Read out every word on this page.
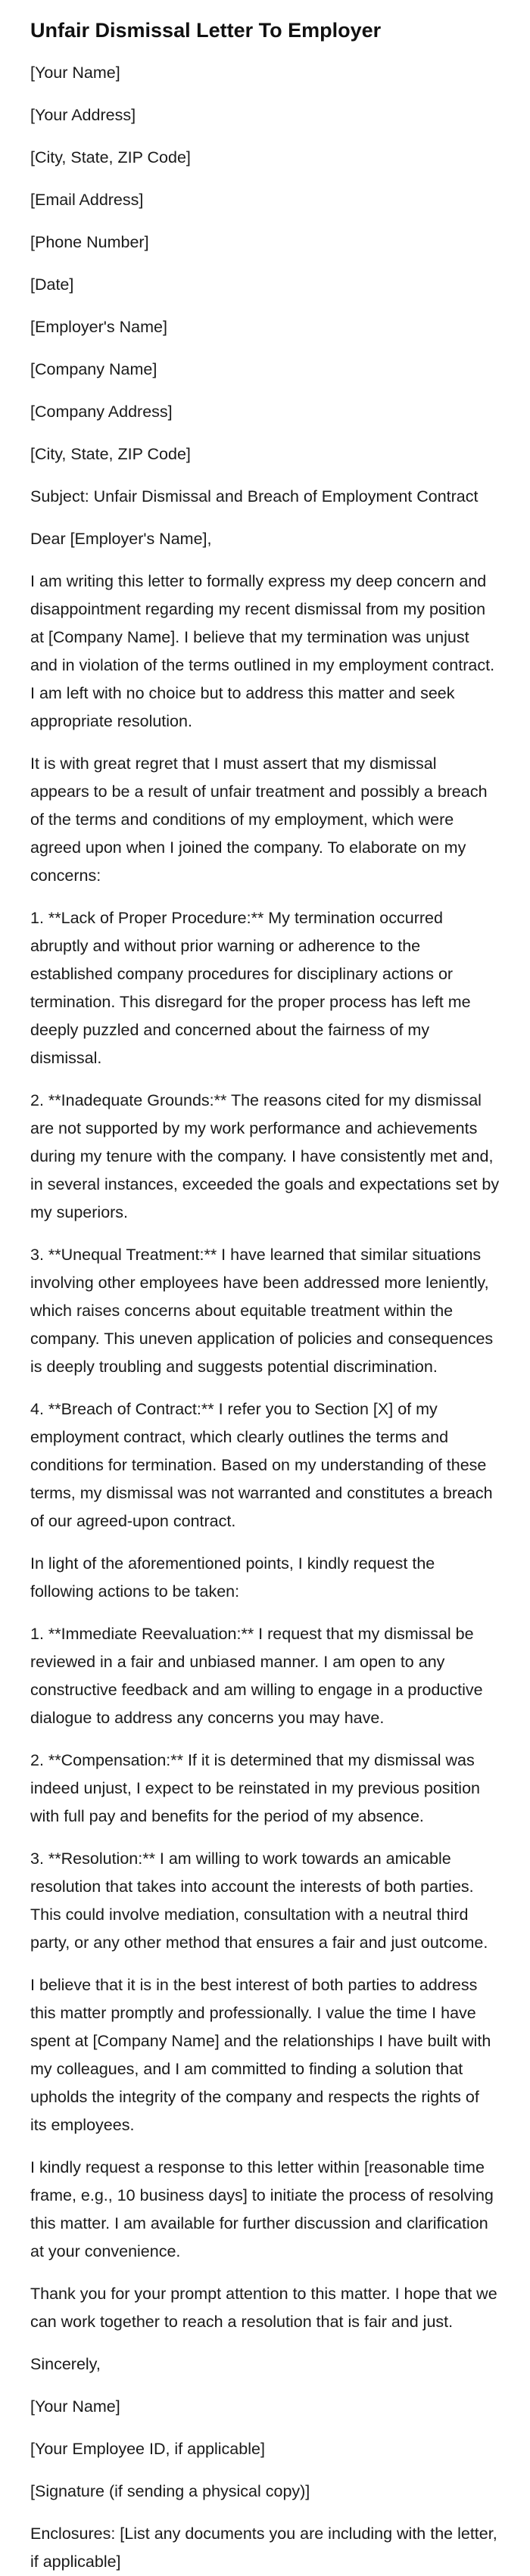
Unfair Dismissal Letter To Employer

[Your Name]

[Your Address]

[City, State, ZIP Code]

[Email Address]

[Phone Number]

[Date]

[Employer's Name]

[Company Name]

[Company Address]

[City, State, ZIP Code]

Subject: Unfair Dismissal and Breach of Employment Contract

Dear [Employer's Name],

I am writing this letter to formally express my deep concern and disappointment regarding my recent dismissal from my position at [Company Name]. I believe that my termination was unjust and in violation of the terms outlined in my employment contract. I am left with no choice but to address this matter and seek appropriate resolution.

It is with great regret that I must assert that my dismissal appears to be a result of unfair treatment and possibly a breach of the terms and conditions of my employment, which were agreed upon when I joined the company. To elaborate on my concerns:

1. **Lack of Proper Procedure:** My termination occurred abruptly and without prior warning or adherence to the established company procedures for disciplinary actions or termination. This disregard for the proper process has left me deeply puzzled and concerned about the fairness of my dismissal.

2. **Inadequate Grounds:** The reasons cited for my dismissal are not supported by my work performance and achievements during my tenure with the company. I have consistently met and, in several instances, exceeded the goals and expectations set by my superiors.

3. **Unequal Treatment:** I have learned that similar situations involving other employees have been addressed more leniently, which raises concerns about equitable treatment within the company. This uneven application of policies and consequences is deeply troubling and suggests potential discrimination.

4. **Breach of Contract:** I refer you to Section [X] of my employment contract, which clearly outlines the terms and conditions for termination. Based on my understanding of these terms, my dismissal was not warranted and constitutes a breach of our agreed-upon contract.

In light of the aforementioned points, I kindly request the following actions to be taken:

1. **Immediate Reevaluation:** I request that my dismissal be reviewed in a fair and unbiased manner. I am open to any constructive feedback and am willing to engage in a productive dialogue to address any concerns you may have.

2. **Compensation:** If it is determined that my dismissal was indeed unjust, I expect to be reinstated in my previous position with full pay and benefits for the period of my absence.

3. **Resolution:** I am willing to work towards an amicable resolution that takes into account the interests of both parties. This could involve mediation, consultation with a neutral third party, or any other method that ensures a fair and just outcome.

I believe that it is in the best interest of both parties to address this matter promptly and professionally. I value the time I have spent at [Company Name] and the relationships I have built with my colleagues, and I am committed to finding a solution that upholds the integrity of the company and respects the rights of its employees.

I kindly request a response to this letter within [reasonable time frame, e.g., 10 business days] to initiate the process of resolving this matter. I am available for further discussion and clarification at your convenience.

Thank you for your prompt attention to this matter. I hope that we can work together to reach a resolution that is fair and just.

Sincerely,

[Your Name]

[Your Employee ID, if applicable]

[Signature (if sending a physical copy)]

Enclosures: [List any documents you are including with the letter, if applicable]
